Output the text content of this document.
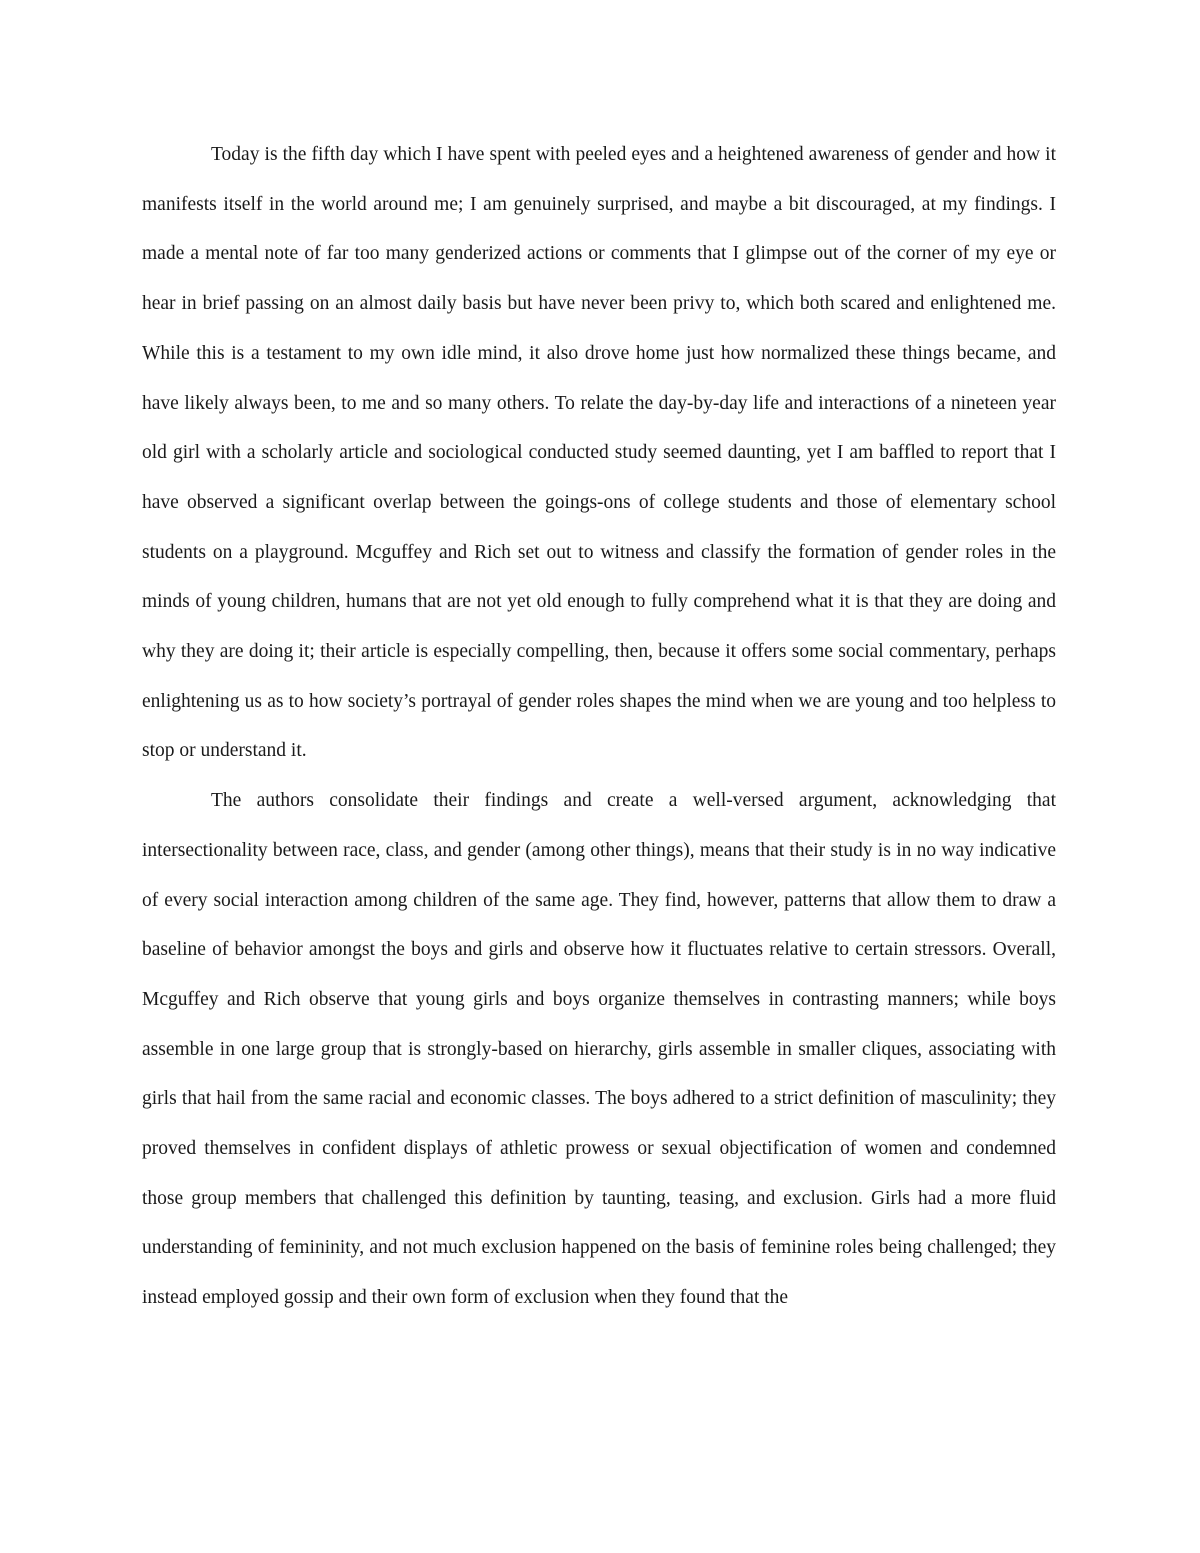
Today is the fifth day which I have spent with peeled eyes and a heightened awareness of gender and how it manifests itself in the world around me; I am genuinely surprised, and maybe a bit discouraged, at my findings. I made a mental note of far too many genderized actions or comments that I glimpse out of the corner of my eye or hear in brief passing on an almost daily basis but have never been privy to, which both scared and enlightened me. While this is a testament to my own idle mind, it also drove home just how normalized these things became, and have likely always been, to me and so many others. To relate the day-by-day life and interactions of a nineteen year old girl with a scholarly article and sociological conducted study seemed daunting, yet I am baffled to report that I have observed a significant overlap between the goings-ons of college students and those of elementary school students on a playground. Mcguffey and Rich set out to witness and classify the formation of gender roles in the minds of young children, humans that are not yet old enough to fully comprehend what it is that they are doing and why they are doing it; their article is especially compelling, then, because it offers some social commentary, perhaps enlightening us as to how society’s portrayal of gender roles shapes the mind when we are young and too helpless to stop or understand it.

The authors consolidate their findings and create a well-versed argument, acknowledging that intersectionality between race, class, and gender (among other things), means that their study is in no way indicative of every social interaction among children of the same age. They find, however, patterns that allow them to draw a baseline of behavior amongst the boys and girls and observe how it fluctuates relative to certain stressors. Overall, Mcguffey and Rich observe that young girls and boys organize themselves in contrasting manners; while boys assemble in one large group that is strongly-based on hierarchy, girls assemble in smaller cliques, associating with girls that hail from the same racial and economic classes. The boys adhered to a strict definition of masculinity; they proved themselves in confident displays of athletic prowess or sexual objectification of women and condemned those group members that challenged this definition by taunting, teasing, and exclusion. Girls had a more fluid understanding of femininity, and not much exclusion happened on the basis of feminine roles being challenged; they instead employed gossip and their own form of exclusion when they found that the
